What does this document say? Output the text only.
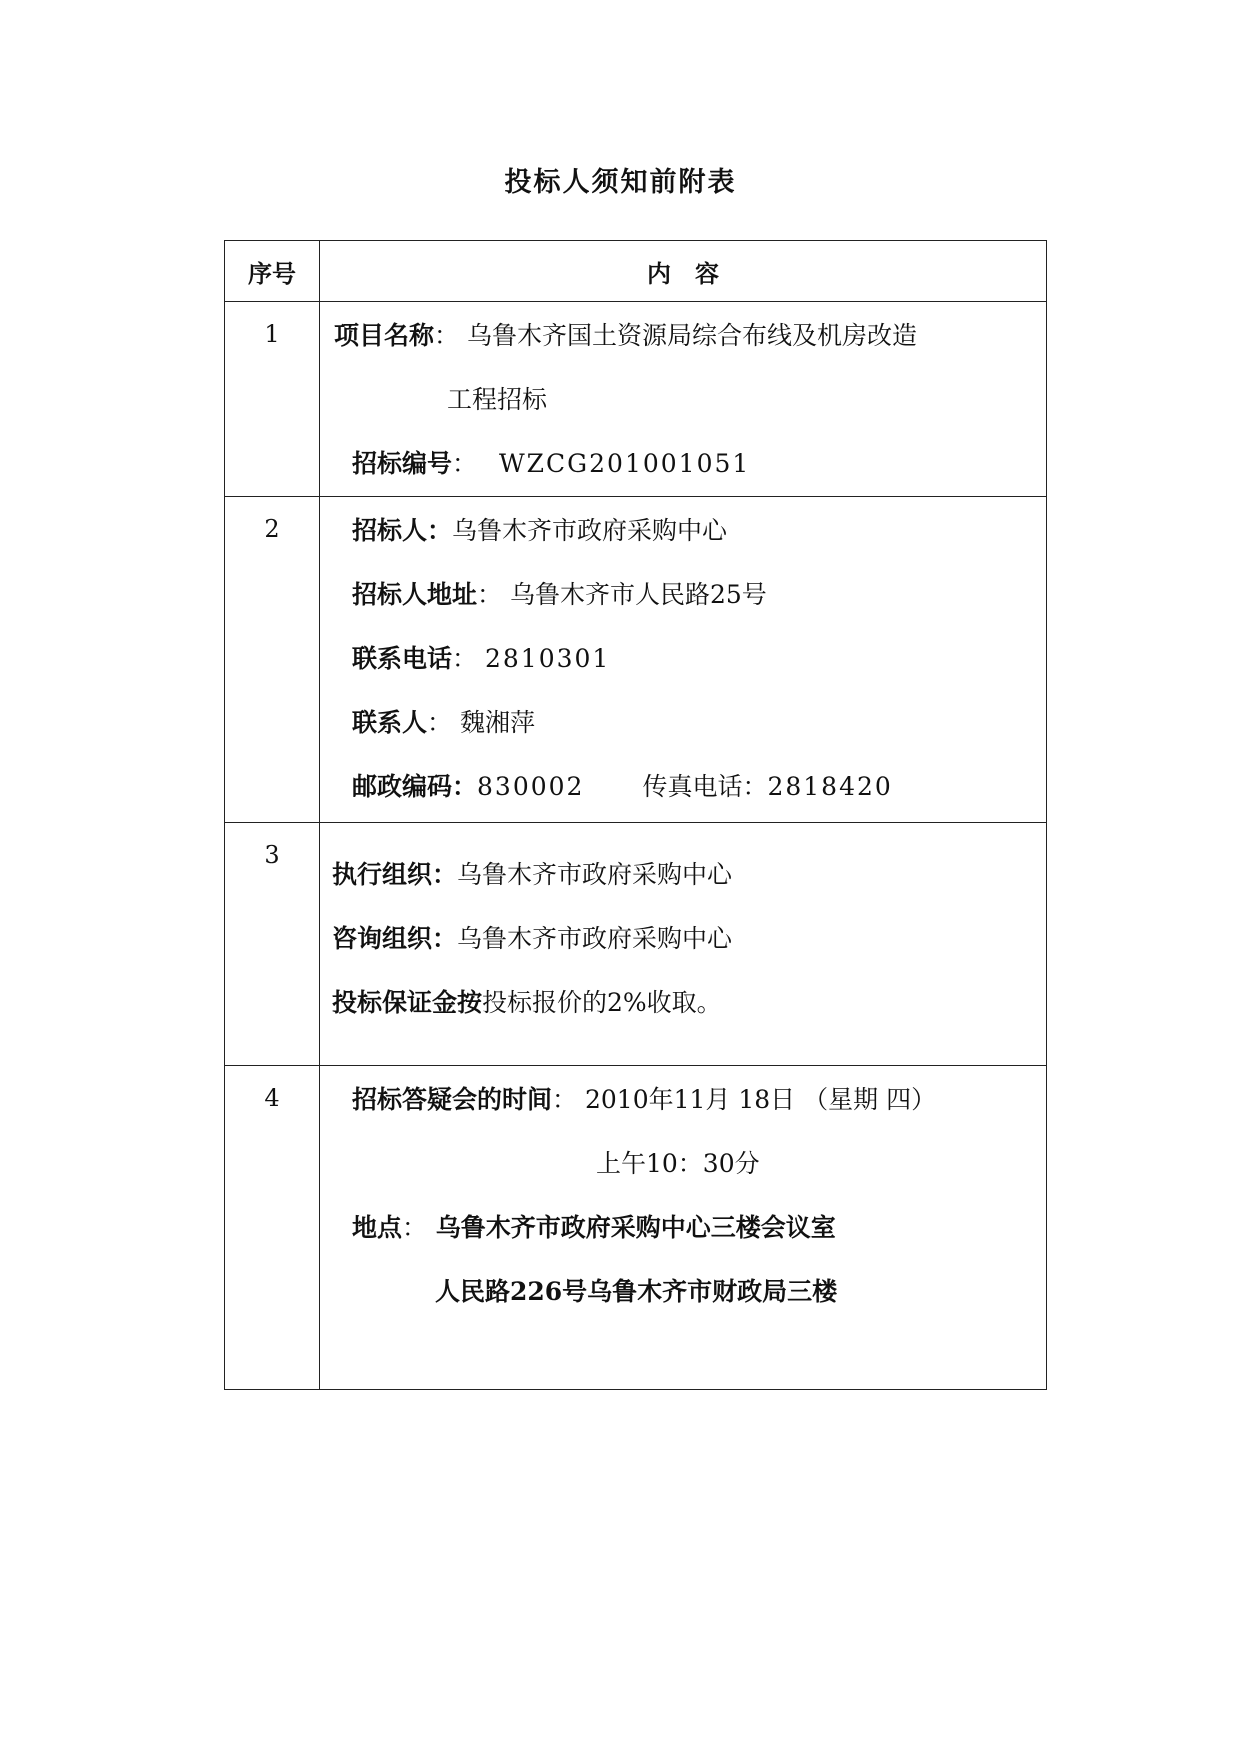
投标人须知前附表
序号	内　容

1	项目名称： 乌鲁木齐国土资源局综合布线及机房改造
工程招标
招标编号： WZCG201001051

2	招标人：乌鲁木齐市政府采购中心
招标人地址： 乌鲁木齐市人民路25号
联系电话： 2810301
联系人： 魏湘萍
邮政编码：830002 传真电话：2818420

3	执行组织：乌鲁木齐市政府采购中心
咨询组织：乌鲁木齐市政府采购中心
投标保证金按投标报价的2%收取。

4	招标答疑会的时间： 2010年11月 18日 （星期 四）
上午10：30分
地点： 乌鲁木齐市政府采购中心三楼会议室
人民路226号乌鲁木齐市财政局三楼
